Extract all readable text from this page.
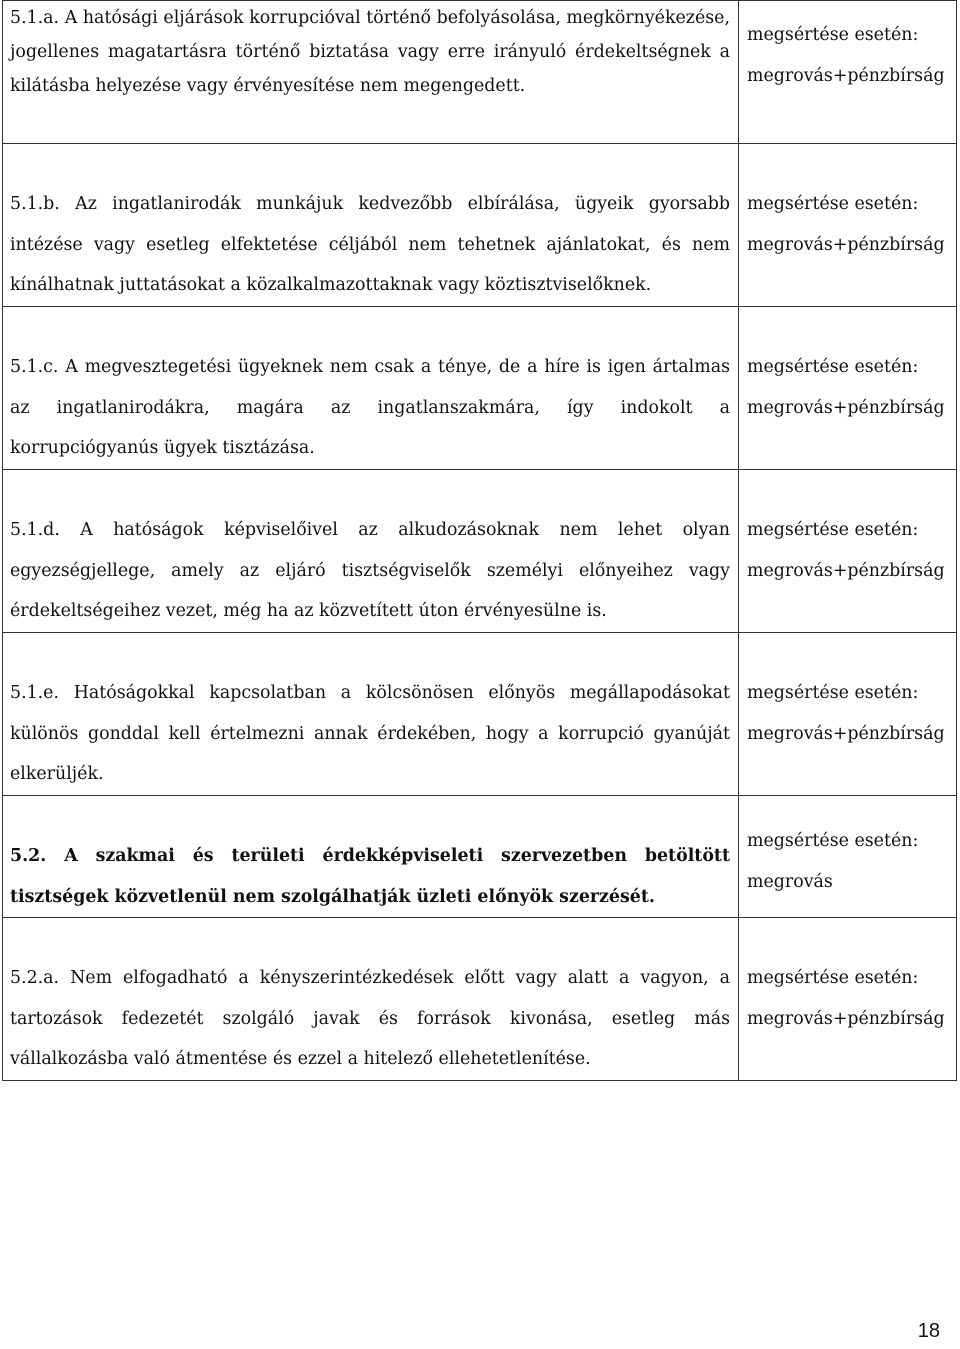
5.1.a. A hatósági eljárások korrupcióval történő befolyásolása, megkörnyékezése, jogellenes magatartásra történő biztatása vagy erre irányuló érdekeltségnek a kilátásba helyezése vagy érvényesítése nem megengedett.	megsértése esetén:
megrovás+pénzbírság

5.1.b. Az ingatlanirodák munkájuk kedvezőbb elbírálása, ügyeik gyorsabb intézése vagy esetleg elfektetése céljából nem tehetnek ajánlatokat, és nem kínálhatnak juttatásokat a közalkalmazottaknak vagy köztisztviselőknek.	megsértése esetén:
megrovás+pénzbírság

5.1.c. A megvesztegetési ügyeknek nem csak a ténye, de a híre is igen ártalmas az ingatlanirodákra, magára az ingatlanszakmára, így indokolt a korrupciógyanús ügyek tisztázása.	megsértése esetén:
megrovás+pénzbírság

5.1.d. A hatóságok képviselőivel az alkudozásoknak nem lehet olyan egyezségjellege, amely az eljáró tisztségviselők személyi előnyeihez vagy érdekeltségeihez vezet, még ha az közvetített úton érvényesülne is.	megsértése esetén:
megrovás+pénzbírság

5.1.e. Hatóságokkal kapcsolatban a kölcsönösen előnyös megállapodásokat különös gonddal kell értelmezni annak érdekében, hogy a korrupció gyanúját elkerüljék.	megsértése esetén:
megrovás+pénzbírság

5.2. A szakmai és területi érdekképviseleti szervezetben betöltött tisztségek közvetlenül nem szolgálhatják üzleti előnyök szerzését.	megsértése esetén:
megrovás

5.2.a. Nem elfogadható a kényszerintézkedések előtt vagy alatt a vagyon, a tartozások fedezetét szolgáló javak és források kivonása, esetleg más vállalkozásba való átmentése és ezzel a hitelező ellehetetlenítése.	megsértése esetén:
megrovás+pénzbírság
18
